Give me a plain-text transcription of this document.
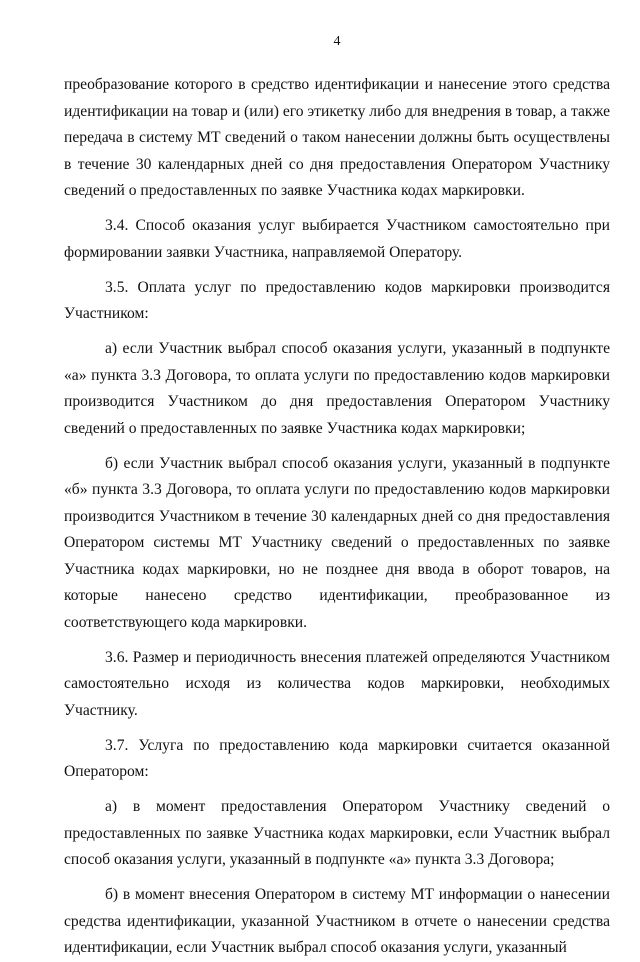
4

преобразование которого в средство идентификации и нанесение этого средства идентификации на товар и (или) его этикетку либо для внедрения в товар, а также передача в систему МТ сведений о таком нанесении должны быть осуществлены в течение 30 календарных дней со дня предоставления Оператором Участнику сведений о предоставленных по заявке Участника кодах маркировки.

3.4. Способ оказания услуг выбирается Участником самостоятельно при формировании заявки Участника, направляемой Оператору.

3.5. Оплата услуг по предоставлению кодов маркировки производится Участником:

а) если Участник выбрал способ оказания услуги, указанный в подпункте «а» пункта 3.3 Договора, то оплата услуги по предоставлению кодов маркировки производится Участником до дня предоставления Оператором Участнику сведений о предоставленных по заявке Участника кодах маркировки;

б) если Участник выбрал способ оказания услуги, указанный в подпункте «б» пункта 3.3 Договора, то оплата услуги по предоставлению кодов маркировки производится Участником в течение 30 календарных дней со дня предоставления Оператором системы МТ Участнику сведений о предоставленных по заявке Участника кодах маркировки, но не позднее дня ввода в оборот товаров, на которые нанесено средство идентификации, преобразованное из соответствующего кода маркировки.

3.6. Размер и периодичность внесения платежей определяются Участником самостоятельно исходя из количества кодов маркировки, необходимых Участнику.

3.7. Услуга по предоставлению кода маркировки считается оказанной Оператором:

а) в момент предоставления Оператором Участнику сведений о предоставленных по заявке Участника кодах маркировки, если Участник выбрал способ оказания услуги, указанный в подпункте «а» пункта 3.3 Договора;

б) в момент внесения Оператором в систему МТ информации о нанесении средства идентификации, указанной Участником в отчете о нанесении средства идентификации, если Участник выбрал способ оказания услуги, указанный
